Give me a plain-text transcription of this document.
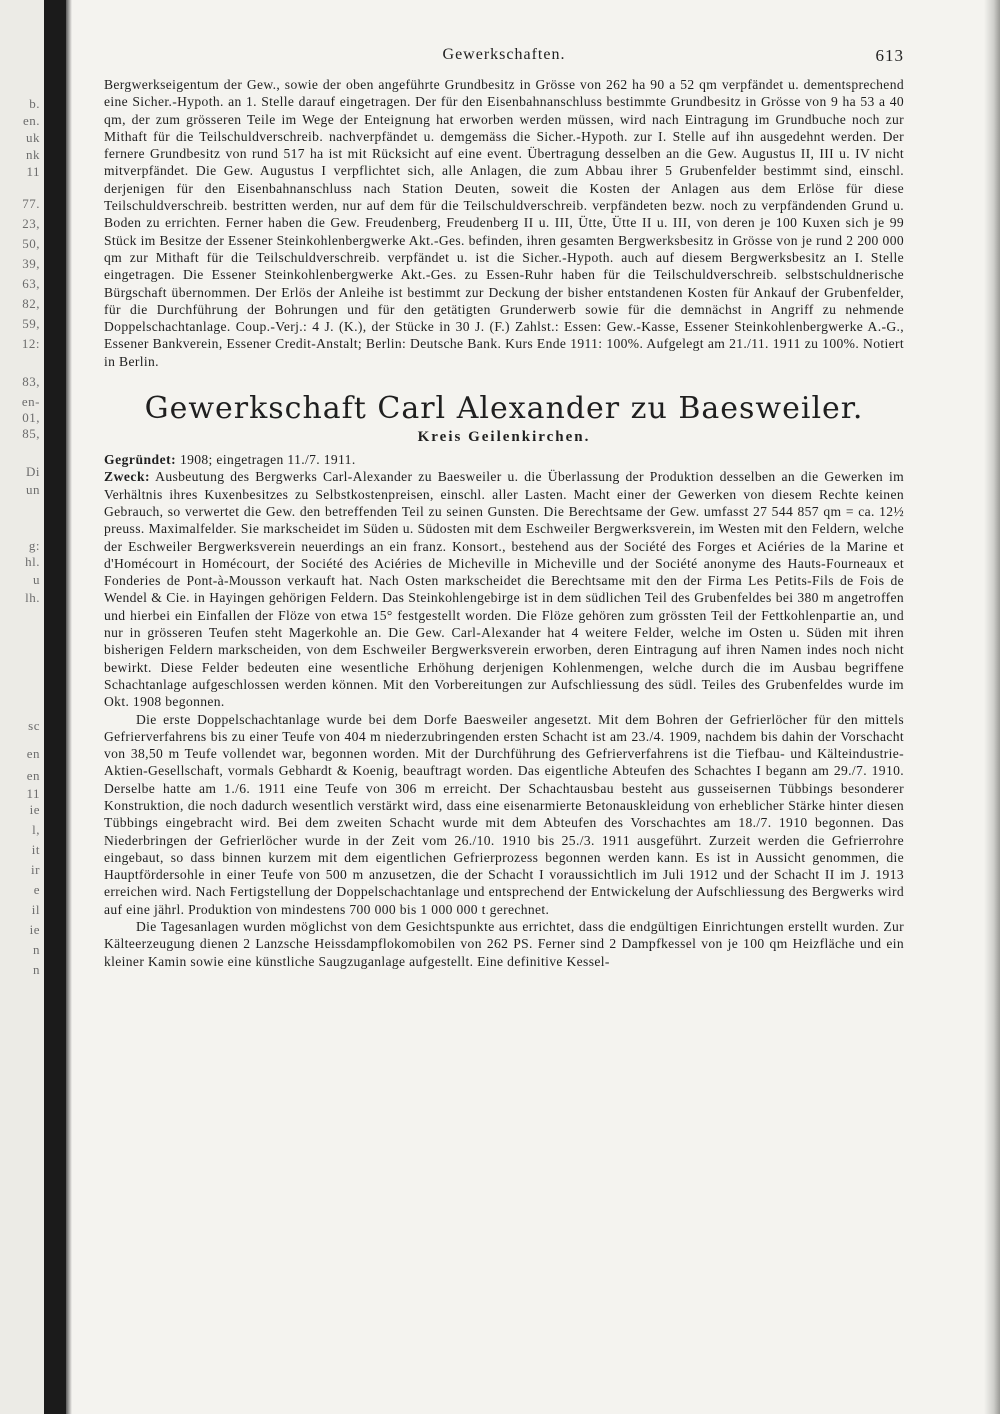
b.
en.
uk
nk
11
77.
23,
50,
39,
63,
82,
59,
12:
83,
en-
01,
85,
Di
un
g:
hl.
u
lh.
sc
en
en
11
ie
l,
it
ir
e
il
ie
n
n
Gewerkschaften.	613

Bergwerkseigentum der Gew., sowie der oben angeführte Grundbesitz in Grösse von 262 ha 90 a 52 qm verpfändet u. dementsprechend eine Sicher.-Hypoth. an 1. Stelle darauf eingetragen. Der für den Eisenbahnanschluss bestimmte Grundbesitz in Grösse von 9 ha 53 a 40 qm, der zum grösseren Teile im Wege der Enteignung hat erworben werden müssen, wird nach Eintragung im Grundbuche noch zur Mithaft für die Teilschuldverschreib. nachverpfändet u. demgemäss die Sicher.-Hypoth. zur I. Stelle auf ihn ausgedehnt werden. Der fernere Grundbesitz von rund 517 ha ist mit Rücksicht auf eine event. Übertragung desselben an die Gew. Augustus II, III u. IV nicht mitverpfändet. Die Gew. Augustus I verpflichtet sich, alle Anlagen, die zum Abbau ihrer 5 Grubenfelder bestimmt sind, einschl. derjenigen für den Eisenbahnanschluss nach Station Deuten, soweit die Kosten der Anlagen aus dem Erlöse für diese Teilschuldverschreib. bestritten werden, nur auf dem für die Teilschuldverschreib. verpfändeten bezw. noch zu verpfändenden Grund u. Boden zu errichten. Ferner haben die Gew. Freudenberg, Freudenberg II u. III, Ütte, Ütte II u. III, von deren je 100 Kuxen sich je 99 Stück im Besitze der Essener Steinkohlenbergwerke Akt.-Ges. befinden, ihren gesamten Bergwerksbesitz in Grösse von je rund 2 200 000 qm zur Mithaft für die Teilschuldverschreib. verpfändet u. ist die Sicher.-Hypoth. auch auf diesem Bergwerksbesitz an I. Stelle eingetragen. Die Essener Steinkohlenbergwerke Akt.-Ges. zu Essen-Ruhr haben für die Teilschuldverschreib. selbstschuldnerische Bürgschaft übernommen. Der Erlös der Anleihe ist bestimmt zur Deckung der bisher entstandenen Kosten für Ankauf der Grubenfelder, für die Durchführung der Bohrungen und für den getätigten Grunderwerb sowie für die demnächst in Angriff zu nehmende Doppelschachtanlage. Coup.-Verj.: 4 J. (K.), der Stücke in 30 J. (F.) Zahlst.: Essen: Gew.-Kasse, Essener Steinkohlenbergwerke A.-G., Essener Bankverein, Essener Credit-Anstalt; Berlin: Deutsche Bank. Kurs Ende 1911: 100%. Aufgelegt am 21./11. 1911 zu 100%. Notiert in Berlin.

Gewerkschaft Carl Alexander zu Baesweiler.
Kreis Geilenkirchen.

Gegründet: 1908; eingetragen 11./7. 1911.

Zweck: Ausbeutung des Bergwerks Carl-Alexander zu Baesweiler u. die Überlassung der Produktion desselben an die Gewerken im Verhältnis ihres Kuxenbesitzes zu Selbstkostenpreisen, einschl. aller Lasten. Macht einer der Gewerken von diesem Rechte keinen Gebrauch, so verwertet die Gew. den betreffenden Teil zu seinen Gunsten. Die Berechtsame der Gew. umfasst 27 544 857 qm = ca. 12½ preuss. Maximalfelder. Sie markscheidet im Süden u. Südosten mit dem Eschweiler Bergwerksverein, im Westen mit den Feldern, welche der Eschweiler Bergwerksverein neuerdings an ein franz. Konsort., bestehend aus der Société des Forges et Aciéries de la Marine et d'Homécourt in Homécourt, der Société des Aciéries de Micheville in Micheville und der Société anonyme des Hauts-Fourneaux et Fonderies de Pont-à-Mousson verkauft hat. Nach Osten markscheidet die Berechtsame mit den der Firma Les Petits-Fils de Fois de Wendel & Cie. in Hayingen gehörigen Feldern. Das Steinkohlengebirge ist in dem südlichen Teil des Grubenfeldes bei 380 m angetroffen und hierbei ein Einfallen der Flöze von etwa 15° festgestellt worden. Die Flöze gehören zum grössten Teil der Fettkohlenpartie an, und nur in grösseren Teufen steht Magerkohle an. Die Gew. Carl-Alexander hat 4 weitere Felder, welche im Osten u. Süden mit ihren bisherigen Feldern markscheiden, von dem Eschweiler Bergwerksverein erworben, deren Eintragung auf ihren Namen indes noch nicht bewirkt. Diese Felder bedeuten eine wesentliche Erhöhung derjenigen Kohlenmengen, welche durch die im Ausbau begriffene Schachtanlage aufgeschlossen werden können. Mit den Vorbereitungen zur Aufschliessung des südl. Teiles des Grubenfeldes wurde im Okt. 1908 begonnen.

Die erste Doppelschachtanlage wurde bei dem Dorfe Baesweiler angesetzt. Mit dem Bohren der Gefrierlöcher für den mittels Gefrierverfahrens bis zu einer Teufe von 404 m niederzubringenden ersten Schacht ist am 23./4. 1909, nachdem bis dahin der Vorschacht von 38,50 m Teufe vollendet war, begonnen worden. Mit der Durchführung des Gefrierverfahrens ist die Tiefbau- und Kälteindustrie-Aktien-Gesellschaft, vormals Gebhardt & Koenig, beauftragt worden. Das eigentliche Abteufen des Schachtes I begann am 29./7. 1910. Derselbe hatte am 1./6. 1911 eine Teufe von 306 m erreicht. Der Schachtausbau besteht aus gusseisernen Tübbings besonderer Konstruktion, die noch dadurch wesentlich verstärkt wird, dass eine eisenarmierte Betonauskleidung von erheblicher Stärke hinter diesen Tübbings eingebracht wird. Bei dem zweiten Schacht wurde mit dem Abteufen des Vorschachtes am 18./7. 1910 begonnen. Das Niederbringen der Gefrierlöcher wurde in der Zeit vom 26./10. 1910 bis 25./3. 1911 ausgeführt. Zurzeit werden die Gefrierrohre eingebaut, so dass binnen kurzem mit dem eigentlichen Gefrierprozess begonnen werden kann. Es ist in Aussicht genommen, die Hauptfördersohle in einer Teufe von 500 m anzusetzen, die der Schacht I voraussichtlich im Juli 1912 und der Schacht II im J. 1913 erreichen wird. Nach Fertigstellung der Doppelschachtanlage und entsprechend der Entwickelung der Aufschliessung des Bergwerks wird auf eine jährl. Produktion von mindestens 700 000 bis 1 000 000 t gerechnet.

Die Tagesanlagen wurden möglichst von dem Gesichtspunkte aus errichtet, dass die endgültigen Einrichtungen erstellt wurden. Zur Kälteerzeugung dienen 2 Lanzsche Heissdampflokomobilen von 262 PS. Ferner sind 2 Dampfkessel von je 100 qm Heizfläche und ein kleiner Kamin sowie eine künstliche Saugzuganlage aufgestellt. Eine definitive Kessel-
